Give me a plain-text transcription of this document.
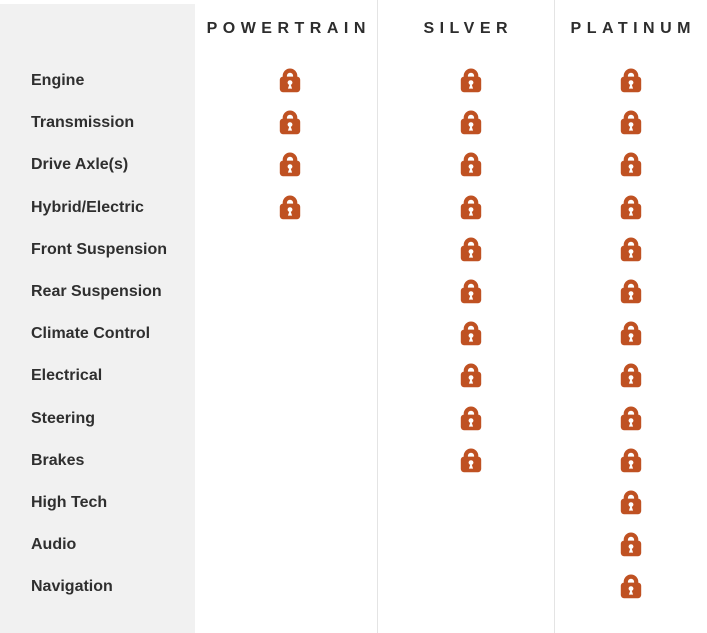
POWERTRAIN	SILVER	PLATINUM
Engine
Transmission
Drive Axle(s)
Hybrid/Electric
Front Suspension
Rear Suspension
Climate Control
Electrical
Steering
Brakes
High Tech
Audio
Navigation
